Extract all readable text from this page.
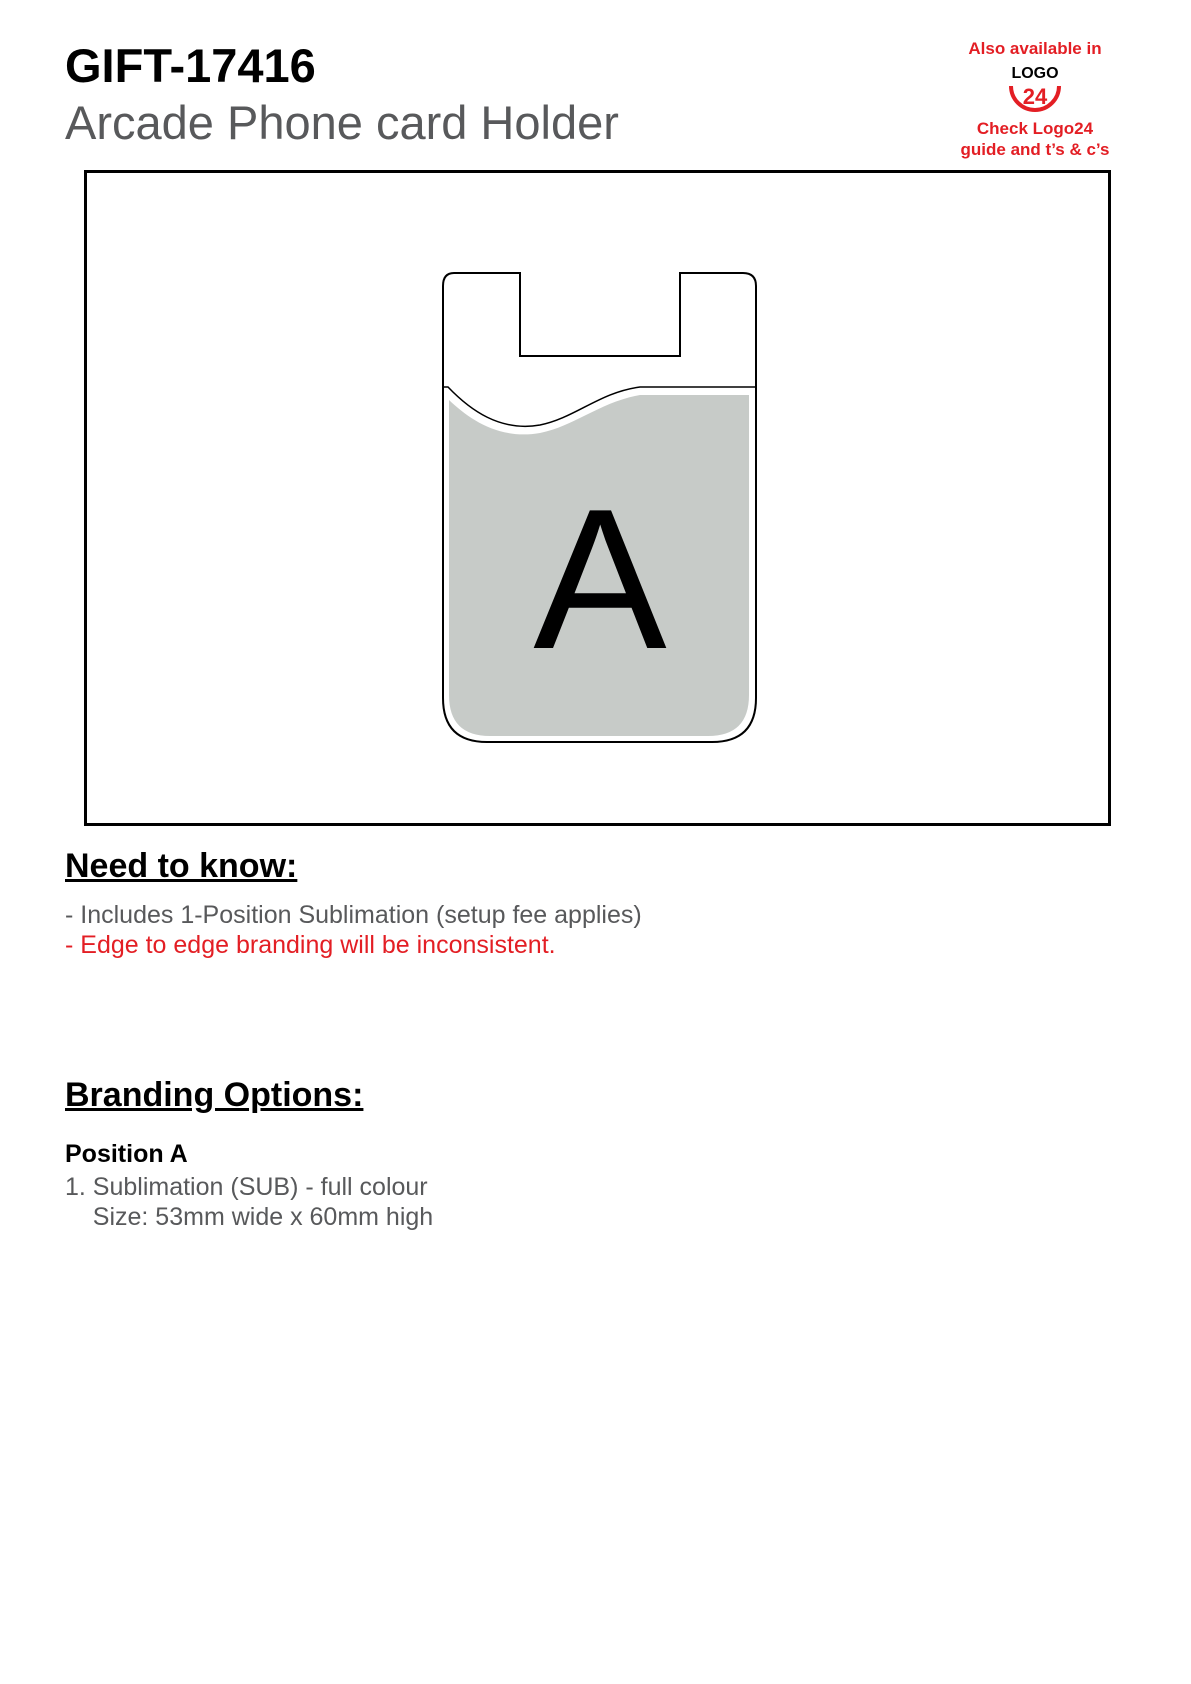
GIFT-17416
Arcade Phone card Holder
Also available in
LOGO
24
Check Logo24
guide and t’s & c’s
A
Need to know:
- Includes 1-Position Sublimation (setup fee applies)
- Edge to edge branding will be inconsistent.
Branding Options:
Position A
1. Sublimation (SUB) - full colour
Size: 53mm wide x 60mm high
